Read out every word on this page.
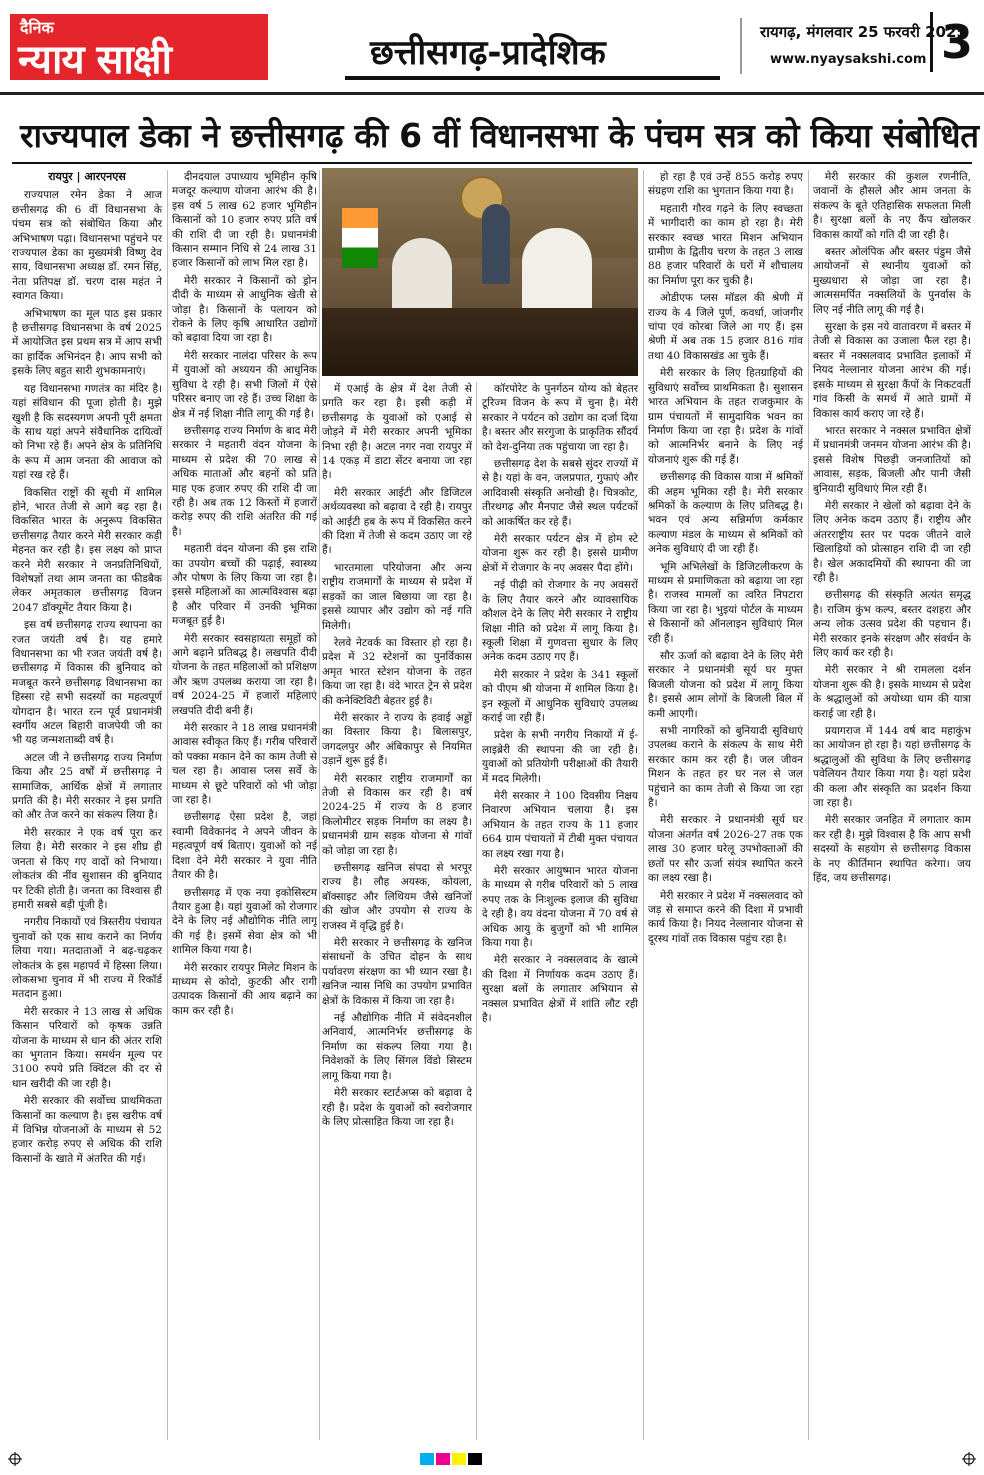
दैनिक
न्याय साक्षी	छत्तीसगढ़-प्रादेशिक
रायगढ़, मंगलवार 25 फरवरी 2025
www.nyaysakshi.com 3
राज्यपाल डेका ने छत्तीसगढ़ की 6 वीं विधानसभा के पंचम सत्र को किया संबोधित
रायपुर | आरएनएस

राज्यपाल रमेन डेका ने आज छत्तीसगढ़ की 6 वीं विधानसभा के पंचम सत्र को संबोधित किया और अभिभाषण पढ़ा। विधानसभा पहुंचने पर राज्यपाल डेका का मुख्यमंत्री विष्णु देव साय, विधानसभा अध्यक्ष डॉ. रमन सिंह, नेता प्रतिपक्ष डॉ. चरण दास महंत ने स्वागत किया।

अभिभाषण का मूल पाठ इस प्रकार है छत्तीसगढ़ विधानसभा के वर्ष 2025 में आयोजित इस प्रथम सत्र में आप सभी का हार्दिक अभिनंदन है। आप सभी को इसके लिए बहुत सारी शुभकामनाएं।

यह विधानसभा गणतंत्र का मंदिर है। यहां संविधान की पूजा होती है। मुझे खुशी है कि सदस्यगण अपनी पूरी क्षमता के साथ यहां अपने संवैधानिक दायित्वों को निभा रहे हैं। अपने क्षेत्र के प्रतिनिधि के रूप में आम जनता की आवाज को यहां रख रहे हैं।

विकसित राष्ट्रों की सूची में शामिल होने, भारत तेजी से आगे बढ़ रहा है। विकसित भारत के अनुरूप विकसित छत्तीसगढ़ तैयार करने मेरी सरकार कड़ी मेहनत कर रही है। इस लक्ष्य को प्राप्त करने मेरी सरकार ने जनप्रतिनिधियों, विशेषज्ञों तथा आम जनता का फीडबैक लेकर अमृतकाल छत्तीसगढ़ विजन 2047 डॉक्यूमेंट तैयार किया है।

इस वर्ष छत्तीसगढ़ राज्य स्थापना का रजत जयंती वर्ष है। यह हमारे विधानसभा का भी रजत जयंती वर्ष है। छत्तीसगढ़ में विकास की बुनियाद को मजबूत करने छत्तीसगढ़ विधानसभा का हिस्सा रहे सभी सदस्यों का महत्वपूर्ण योगदान है। भारत रत्न पूर्व प्रधानमंत्री स्वर्गीय अटल बिहारी वाजपेयी जी का भी यह जन्मशताब्दी वर्ष है।

अटल जी ने छत्तीसगढ़ राज्य निर्माण किया और 25 वर्षों में छत्तीसगढ़ ने सामाजिक, आर्थिक क्षेत्रों में लगातार प्रगति की है। मेरी सरकार ने इस प्रगति को और तेज करने का संकल्प लिया है।

मेरी सरकार ने एक वर्ष पूरा कर लिया है। मेरी सरकार ने इस शीघ्र ही जनता से किए गए वादों को निभाया। लोकतंत्र की नींव सुशासन की बुनियाद पर टिकी होती है। जनता का विश्वास ही हमारी सबसे बड़ी पूंजी है।

नगरीय निकायों एवं त्रिस्तरीय पंचायत चुनावों को एक साथ कराने का निर्णय लिया गया। मतदाताओं ने बढ़-चढ़कर लोकतंत्र के इस महापर्व में हिस्सा लिया। लोकसभा चुनाव में भी राज्य में रिकॉर्ड मतदान हुआ।

मेरी सरकार ने 13 लाख से अधिक किसान परिवारों को कृषक उन्नति योजना के माध्यम से धान की अंतर राशि का भुगतान किया। समर्थन मूल्य पर 3100 रुपये प्रति क्विंटल की दर से धान खरीदी की जा रही है।

मेरी सरकार की सर्वोच्च प्राथमिकता किसानों का कल्याण है। इस खरीफ वर्ष में विभिन्न योजनाओं के माध्यम से 52 हजार करोड़ रुपए से अधिक की राशि किसानों के खाते में अंतरित की गई।

दीनदयाल उपाध्याय भूमिहीन कृषि मजदूर कल्याण योजना आरंभ की है। इस वर्ष 5 लाख 62 हजार भूमिहीन किसानों को 10 हजार रुपए प्रति वर्ष की राशि दी जा रही है। प्रधानमंत्री किसान सम्मान निधि से 24 लाख 31 हजार किसानों को लाभ मिल रहा है।

मेरी सरकार ने किसानों को ड्रोन दीदी के माध्यम से आधुनिक खेती से जोड़ा है। किसानों के पलायन को रोकने के लिए कृषि आधारित उद्योगों को बढ़ावा दिया जा रहा है।

मेरी सरकार नालंदा परिसर के रूप में युवाओं को अध्ययन की आधुनिक सुविधा दे रही है। सभी जिलों में ऐसे परिसर बनाए जा रहे हैं। उच्च शिक्षा के क्षेत्र में नई शिक्षा नीति लागू की गई है।

छत्तीसगढ़ राज्य निर्माण के बाद मेरी सरकार ने महतारी वंदन योजना के माध्यम से प्रदेश की 70 लाख से अधिक माताओं और बहनों को प्रति माह एक हजार रुपए की राशि दी जा रही है। अब तक 12 किस्तों में हजारों करोड़ रुपए की राशि अंतरित की गई है।

महतारी वंदन योजना की इस राशि का उपयोग बच्चों की पढ़ाई, स्वास्थ्य और पोषण के लिए किया जा रहा है। इससे महिलाओं का आत्मविश्वास बढ़ा है और परिवार में उनकी भूमिका मजबूत हुई है।

मेरी सरकार स्वसहायता समूहों को आगे बढ़ाने प्रतिबद्ध है। लखपति दीदी योजना के तहत महिलाओं को प्रशिक्षण और ऋण उपलब्ध कराया जा रहा है। वर्ष 2024-25 में हजारों महिलाएं लखपति दीदी बनी हैं।

मेरी सरकार ने 18 लाख प्रधानमंत्री आवास स्वीकृत किए हैं। गरीब परिवारों को पक्का मकान देने का काम तेजी से चल रहा है। आवास प्लस सर्वे के माध्यम से छूटे परिवारों को भी जोड़ा जा रहा है।

छत्तीसगढ़ ऐसा प्रदेश है, जहां स्वामी विवेकानंद ने अपने जीवन के महत्वपूर्ण वर्ष बिताए। युवाओं को नई दिशा देने मेरी सरकार ने युवा नीति तैयार की है।

छत्तीसगढ़ में एक नया इकोसिस्टम तैयार हुआ है। यहां युवाओं को रोजगार देने के लिए नई औद्योगिक नीति लागू की गई है। इसमें सेवा क्षेत्र को भी शामिल किया गया है।

मेरी सरकार रायपुर मिलेट मिशन के माध्यम से कोदो, कुटकी और रागी उत्पादक किसानों की आय बढ़ाने का काम कर रही है।

में एआई के क्षेत्र में देश तेजी से प्रगति कर रहा है। इसी कड़ी में छत्तीसगढ़ के युवाओं को एआई से जोड़ने में मेरी सरकार अपनी भूमिका निभा रही है। अटल नगर नवा रायपुर में 14 एकड़ में डाटा सेंटर बनाया जा रहा है।

मेरी सरकार आईटी और डिजिटल अर्थव्यवस्था को बढ़ावा दे रही है। रायपुर को आईटी हब के रूप में विकसित करने की दिशा में तेजी से कदम उठाए जा रहे हैं।

भारतमाला परियोजना और अन्य राष्ट्रीय राजमार्गों के माध्यम से प्रदेश में सड़कों का जाल बिछाया जा रहा है। इससे व्यापार और उद्योग को नई गति मिलेगी।

रेलवे नेटवर्क का विस्तार हो रहा है। प्रदेश में 32 स्टेशनों का पुनर्विकास अमृत भारत स्टेशन योजना के तहत किया जा रहा है। वंदे भारत ट्रेन से प्रदेश की कनेक्टिविटी बेहतर हुई है।

मेरी सरकार ने राज्य के हवाई अड्डों का विस्तार किया है। बिलासपुर, जगदलपुर और अंबिकापुर से नियमित उड़ानें शुरू हुई हैं।

मेरी सरकार राष्ट्रीय राजमार्गों का तेजी से विकास कर रही है। वर्ष 2024-25 में राज्य के 8 हजार किलोमीटर सड़क निर्माण का लक्ष्य है। प्रधानमंत्री ग्राम सड़क योजना से गांवों को जोड़ा जा रहा है।

छत्तीसगढ़ खनिज संपदा से भरपूर राज्य है। लौह अयस्क, कोयला, बॉक्साइट और लिथियम जैसे खनिजों की खोज और उपयोग से राज्य के राजस्व में वृद्धि हुई है।

मेरी सरकार ने छत्तीसगढ़ के खनिज संसाधनों के उचित दोहन के साथ पर्यावरण संरक्षण का भी ध्यान रखा है। खनिज न्यास निधि का उपयोग प्रभावित क्षेत्रों के विकास में किया जा रहा है।

नई औद्योगिक नीति में संवेदनशील अनिवार्य, आत्मनिर्भर छत्तीसगढ़ के निर्माण का संकल्प लिया गया है। निवेशकों के लिए सिंगल विंडो सिस्टम लागू किया गया है।

मेरी सरकार स्टार्टअप्स को बढ़ावा दे रही है। प्रदेश के युवाओं को स्वरोजगार के लिए प्रोत्साहित किया जा रहा है।

कॉरपोरेट के पुनर्गठन योग्य को बेहतर टूरिज्म विजन के रूप में चुना है। मेरी सरकार ने पर्यटन को उद्योग का दर्जा दिया है। बस्तर और सरगुजा के प्राकृतिक सौंदर्य को देश-दुनिया तक पहुंचाया जा रहा है।

छत्तीसगढ़ देश के सबसे सुंदर राज्यों में से है। यहां के वन, जलप्रपात, गुफाएं और आदिवासी संस्कृति अनोखी है। चित्रकोट, तीरथगढ़ और मैनपाट जैसे स्थल पर्यटकों को आकर्षित कर रहे हैं।

मेरी सरकार पर्यटन क्षेत्र में होम स्टे योजना शुरू कर रही है। इससे ग्रामीण क्षेत्रों में रोजगार के नए अवसर पैदा होंगे।

नई पीढ़ी को रोजगार के नए अवसरों के लिए तैयार करने और व्यावसायिक कौशल देने के लिए मेरी सरकार ने राष्ट्रीय शिक्षा नीति को प्रदेश में लागू किया है। स्कूली शिक्षा में गुणवत्ता सुधार के लिए अनेक कदम उठाए गए हैं।

मेरी सरकार ने प्रदेश के 341 स्कूलों को पीएम श्री योजना में शामिल किया है। इन स्कूलों में आधुनिक सुविधाएं उपलब्ध कराई जा रही हैं।

प्रदेश के सभी नगरीय निकायों में ई-लाइब्रेरी की स्थापना की जा रही है। युवाओं को प्रतियोगी परीक्षाओं की तैयारी में मदद मिलेगी।

मेरी सरकार ने 100 दिवसीय निक्षय निवारण अभियान चलाया है। इस अभियान के तहत राज्य के 11 हजार 664 ग्राम पंचायतों में टीबी मुक्त पंचायत का लक्ष्य रखा गया है।

मेरी सरकार आयुष्मान भारत योजना के माध्यम से गरीब परिवारों को 5 लाख रुपए तक के निःशुल्क इलाज की सुविधा दे रही है। वय वंदना योजना में 70 वर्ष से अधिक आयु के बुजुर्गों को भी शामिल किया गया है।

मेरी सरकार ने नक्सलवाद के खात्मे की दिशा में निर्णायक कदम उठाए हैं। सुरक्षा बलों के लगातार अभियान से नक्सल प्रभावित क्षेत्रों में शांति लौट रही है।

हो रहा है एवं उन्हें 855 करोड़ रुपए संग्रहण राशि का भुगतान किया गया है।

महतारी गौरव गढ़ने के लिए स्वच्छता में भागीदारी का काम हो रहा है। मेरी सरकार स्वच्छ भारत मिशन अभियान ग्रामीण के द्वितीय चरण के तहत 3 लाख 88 हजार परिवारों के घरों में शौचालय का निर्माण पूरा कर चुकी है।

ओडीएफ प्लस मॉडल की श्रेणी में राज्य के 4 जिले पूर्ण, कवर्धा, जांजगीर चांपा एवं कोरबा जिले आ गए हैं। इस श्रेणी में अब तक 15 हजार 816 गांव तथा 40 विकासखंड आ चुके हैं।

मेरी सरकार के लिए हितग्राहियों की सुविधाएं सर्वोच्च प्राथमिकता है। सुशासन भारत अभियान के तहत राजकुमार के ग्राम पंचायतों में सामुदायिक भवन का निर्माण किया जा रहा है। प्रदेश के गांवों को आत्मनिर्भर बनाने के लिए नई योजनाएं शुरू की गई हैं।

छत्तीसगढ़ की विकास यात्रा में श्रमिकों की अहम भूमिका रही है। मेरी सरकार श्रमिकों के कल्याण के लिए प्रतिबद्ध है। भवन एवं अन्य सन्निर्माण कर्मकार कल्याण मंडल के माध्यम से श्रमिकों को अनेक सुविधाएं दी जा रही हैं।

भूमि अभिलेखों के डिजिटलीकरण के माध्यम से प्रमाणिकता को बढ़ाया जा रहा है। राजस्व मामलों का त्वरित निपटारा किया जा रहा है। भुइयां पोर्टल के माध्यम से किसानों को ऑनलाइन सुविधाएं मिल रही हैं।

सौर ऊर्जा को बढ़ावा देने के लिए मेरी सरकार ने प्रधानमंत्री सूर्य घर मुफ्त बिजली योजना को प्रदेश में लागू किया है। इससे आम लोगों के बिजली बिल में कमी आएगी।

सभी नागरिकों को बुनियादी सुविधाएं उपलब्ध कराने के संकल्प के साथ मेरी सरकार काम कर रही है। जल जीवन मिशन के तहत हर घर नल से जल पहुंचाने का काम तेजी से किया जा रहा है।

मेरी सरकार ने प्रधानमंत्री सूर्य घर योजना अंतर्गत वर्ष 2026-27 तक एक लाख 30 हजार घरेलू उपभोक्ताओं की छतों पर सौर ऊर्जा संयंत्र स्थापित करने का लक्ष्य रखा है।

मेरी सरकार ने प्रदेश में नक्सलवाद को जड़ से समाप्त करने की दिशा में प्रभावी कार्य किया है। नियद नेल्लानार योजना से दूरस्थ गांवों तक विकास पहुंच रहा है।

मेरी सरकार की कुशल रणनीति, जवानों के हौसले और आम जनता के संकल्प के बूते एतिहासिक सफलता मिली है। सुरक्षा बलों के नए कैंप खोलकर विकास कार्यों को गति दी जा रही है।

बस्तर ओलंपिक और बस्तर पंडुम जैसे आयोजनों से स्थानीय युवाओं को मुख्यधारा से जोड़ा जा रहा है। आत्मसमर्पित नक्सलियों के पुनर्वास के लिए नई नीति लागू की गई है।

सुरक्षा के इस नये वातावरण में बस्तर में तेजी से विकास का उजाला फैल रहा है। बस्तर में नक्सलवाद प्रभावित इलाकों में नियद नेल्लानार योजना आरंभ की गई। इसके माध्यम से सुरक्षा कैंपों के निकटवर्ती गांव किसी के समर्थ में आते ग्रामों में विकास कार्य कराए जा रहे हैं।

भारत सरकार ने नक्सल प्रभावित क्षेत्रों में प्रधानमंत्री जनमन योजना आरंभ की है। इससे विशेष पिछड़ी जनजातियों को आवास, सड़क, बिजली और पानी जैसी बुनियादी सुविधाएं मिल रही हैं।

मेरी सरकार ने खेलों को बढ़ावा देने के लिए अनेक कदम उठाए हैं। राष्ट्रीय और अंतरराष्ट्रीय स्तर पर पदक जीतने वाले खिलाड़ियों को प्रोत्साहन राशि दी जा रही है। खेल अकादमियों की स्थापना की जा रही है।

छत्तीसगढ़ की संस्कृति अत्यंत समृद्ध है। राजिम कुंभ कल्प, बस्तर दशहरा और अन्य लोक उत्सव प्रदेश की पहचान हैं। मेरी सरकार इनके संरक्षण और संवर्धन के लिए कार्य कर रही है।

मेरी सरकार ने श्री रामलला दर्शन योजना शुरू की है। इसके माध्यम से प्रदेश के श्रद्धालुओं को अयोध्या धाम की यात्रा कराई जा रही है।

प्रयागराज में 144 वर्ष बाद महाकुंभ का आयोजन हो रहा है। यहां छत्तीसगढ़ के श्रद्धालुओं की सुविधा के लिए छत्तीसगढ़ पवेलियन तैयार किया गया है। यहां प्रदेश की कला और संस्कृति का प्रदर्शन किया जा रहा है।

मेरी सरकार जनहित में लगातार काम कर रही है। मुझे विश्वास है कि आप सभी सदस्यों के सहयोग से छत्तीसगढ़ विकास के नए कीर्तिमान स्थापित करेगा। जय हिंद, जय छत्तीसगढ़।
